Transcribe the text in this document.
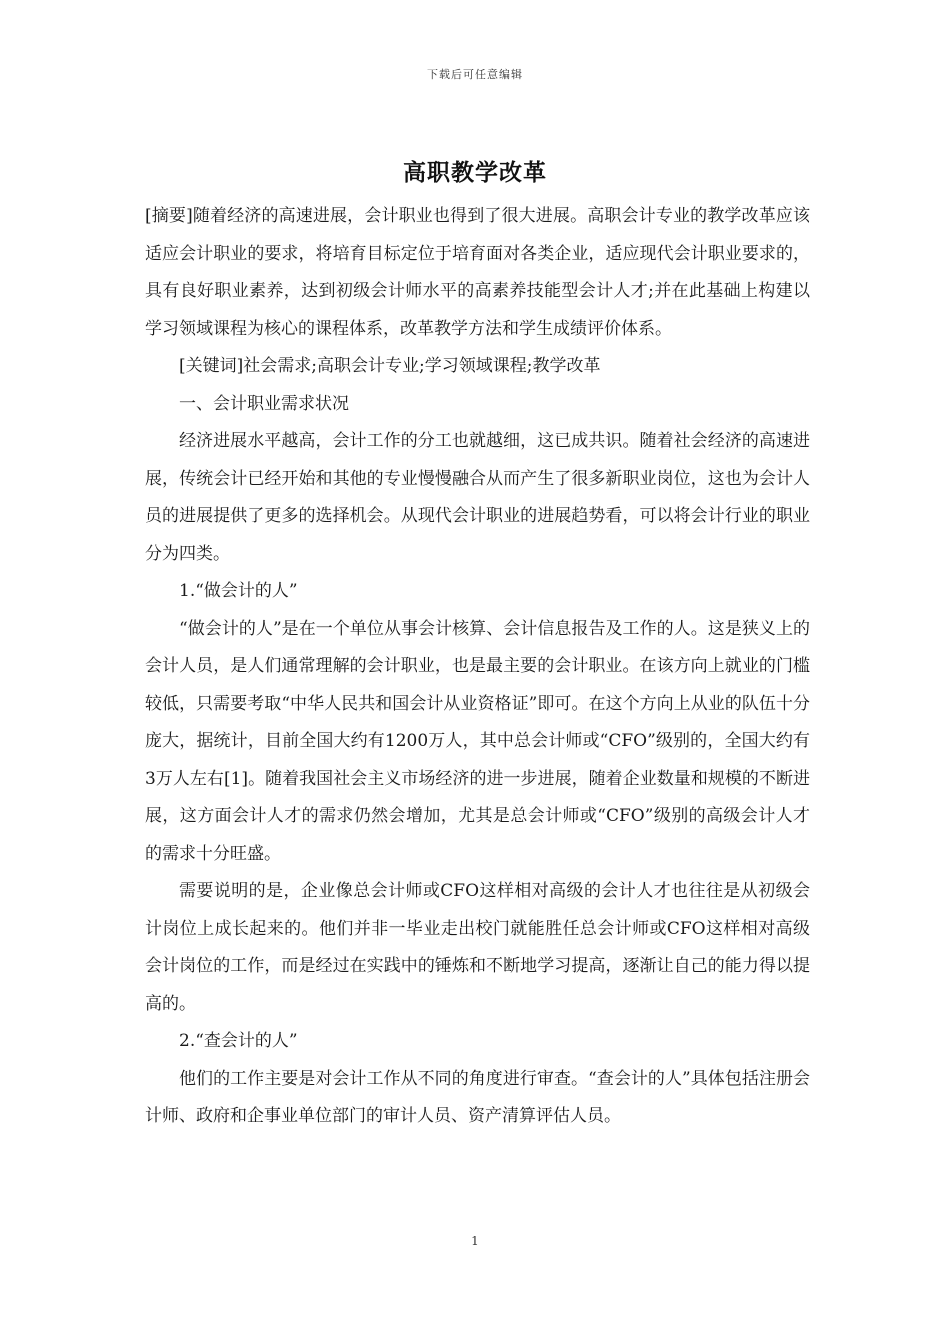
下载后可任意编辑
高职教学改革

[摘要]随着经济的高速进展，会计职业也得到了很大进展。高职会计专业的教学改革应该适应会计职业的要求，将培育目标定位于培育面对各类企业，适应现代会计职业要求的，具有良好职业素养，达到初级会计师水平的高素养技能型会计人才;并在此基础上构建以学习领域课程为核心的课程体系，改革教学方法和学生成绩评价体系。

[关键词]社会需求;高职会计专业;学习领域课程;教学改革

一、会计职业需求状况

经济进展水平越高，会计工作的分工也就越细，这已成共识。随着社会经济的高速进展，传统会计已经开始和其他的专业慢慢融合从而产生了很多新职业岗位，这也为会计人员的进展提供了更多的选择机会。从现代会计职业的进展趋势看，可以将会计行业的职业分为四类。

1.“做会计的人”

“做会计的人”是在一个单位从事会计核算、会计信息报告及工作的人。这是狭义上的会计人员，是人们通常理解的会计职业，也是最主要的会计职业。在该方向上就业的门槛较低，只需要考取“中华人民共和国会计从业资格证”即可。在这个方向上从业的队伍十分庞大，据统计，目前全国大约有1200万人，其中总会计师或“CFO”级别的，全国大约有3万人左右[1]。随着我国社会主义市场经济的进一步进展，随着企业数量和规模的不断进展，这方面会计人才的需求仍然会增加，尤其是总会计师或“CFO”级别的高级会计人才的需求十分旺盛。

需要说明的是，企业像总会计师或CFO这样相对高级的会计人才也往往是从初级会计岗位上成长起来的。他们并非一毕业走出校门就能胜任总会计师或CFO这样相对高级会计岗位的工作，而是经过在实践中的锤炼和不断地学习提高，逐渐让自己的能力得以提高的。

2.“查会计的人”

他们的工作主要是对会计工作从不同的角度进行审查。“查会计的人”具体包括注册会计师、政府和企事业单位部门的审计人员、资产清算评估人员。

1
